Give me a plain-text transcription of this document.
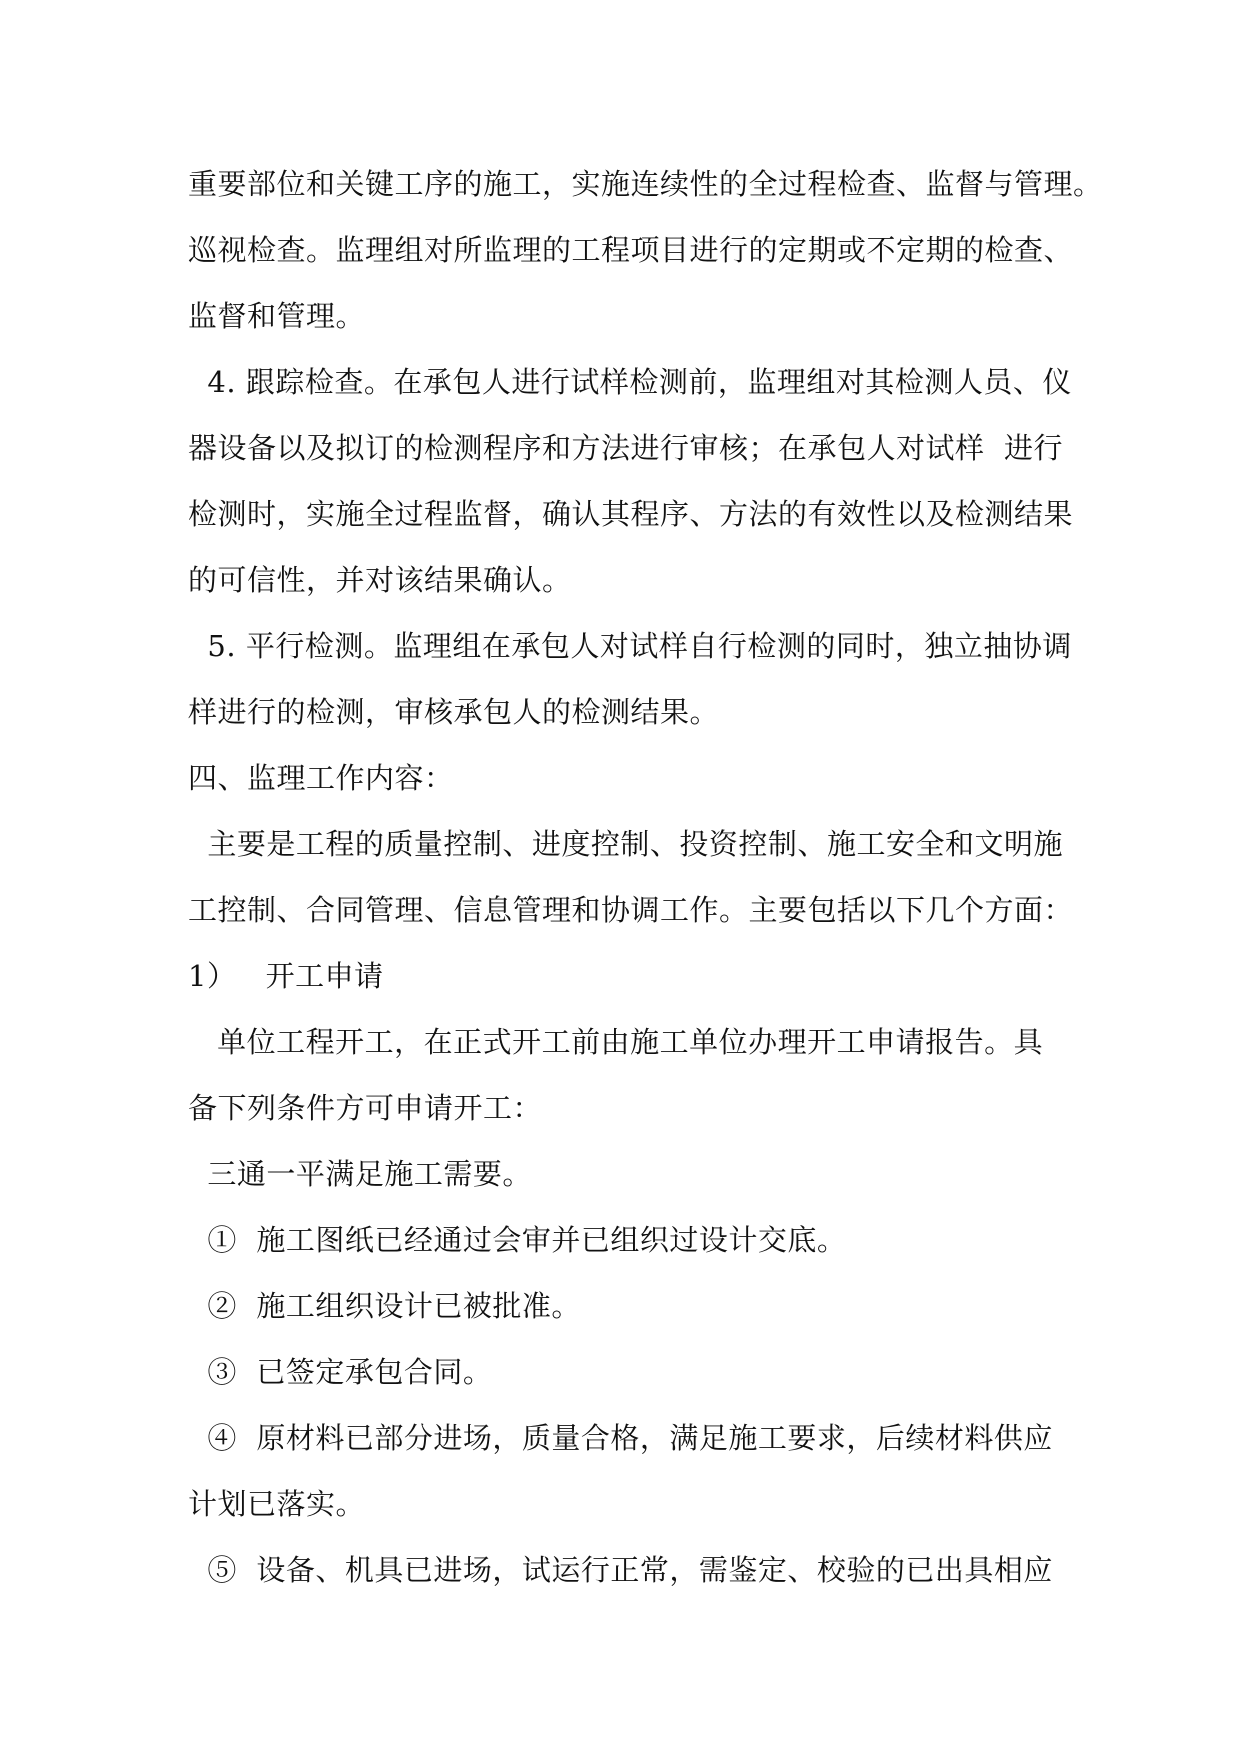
重要部位和关键工序的施工，实施连续性的全过程检查、监督与管理。
巡视检查。监理组对所监理的工程项目进行的定期或不定期的检查、
监督和管理。
4. 跟踪检查。在承包人进行试样检测前，监理组对其检测人员、仪
器设备以及拟订的检测程序和方法进行审核；在承包人对试样  进行
检测时，实施全过程监督，确认其程序、方法的有效性以及检测结果
的可信性，并对该结果确认。
5. 平行检测。监理组在承包人对试样自行检测的同时，独立抽协调
样进行的检测，审核承包人的检测结果。
四、监理工作内容：
主要是工程的质量控制、进度控制、投资控制、施工安全和文明施
工控制、合同管理、信息管理和协调工作。主要包括以下几个方面：
1）   开工申请
单位工程开工，在正式开工前由施工单位办理开工申请报告。具
备下列条件方可申请开工：
三通一平满足施工需要。
①  施工图纸已经通过会审并已组织过设计交底。
②  施工组织设计已被批准。
③  已签定承包合同。
④  原材料已部分进场，质量合格，满足施工要求，后续材料供应
计划已落实。
⑤  设备、机具已进场，试运行正常，需鉴定、校验的已出具相应
